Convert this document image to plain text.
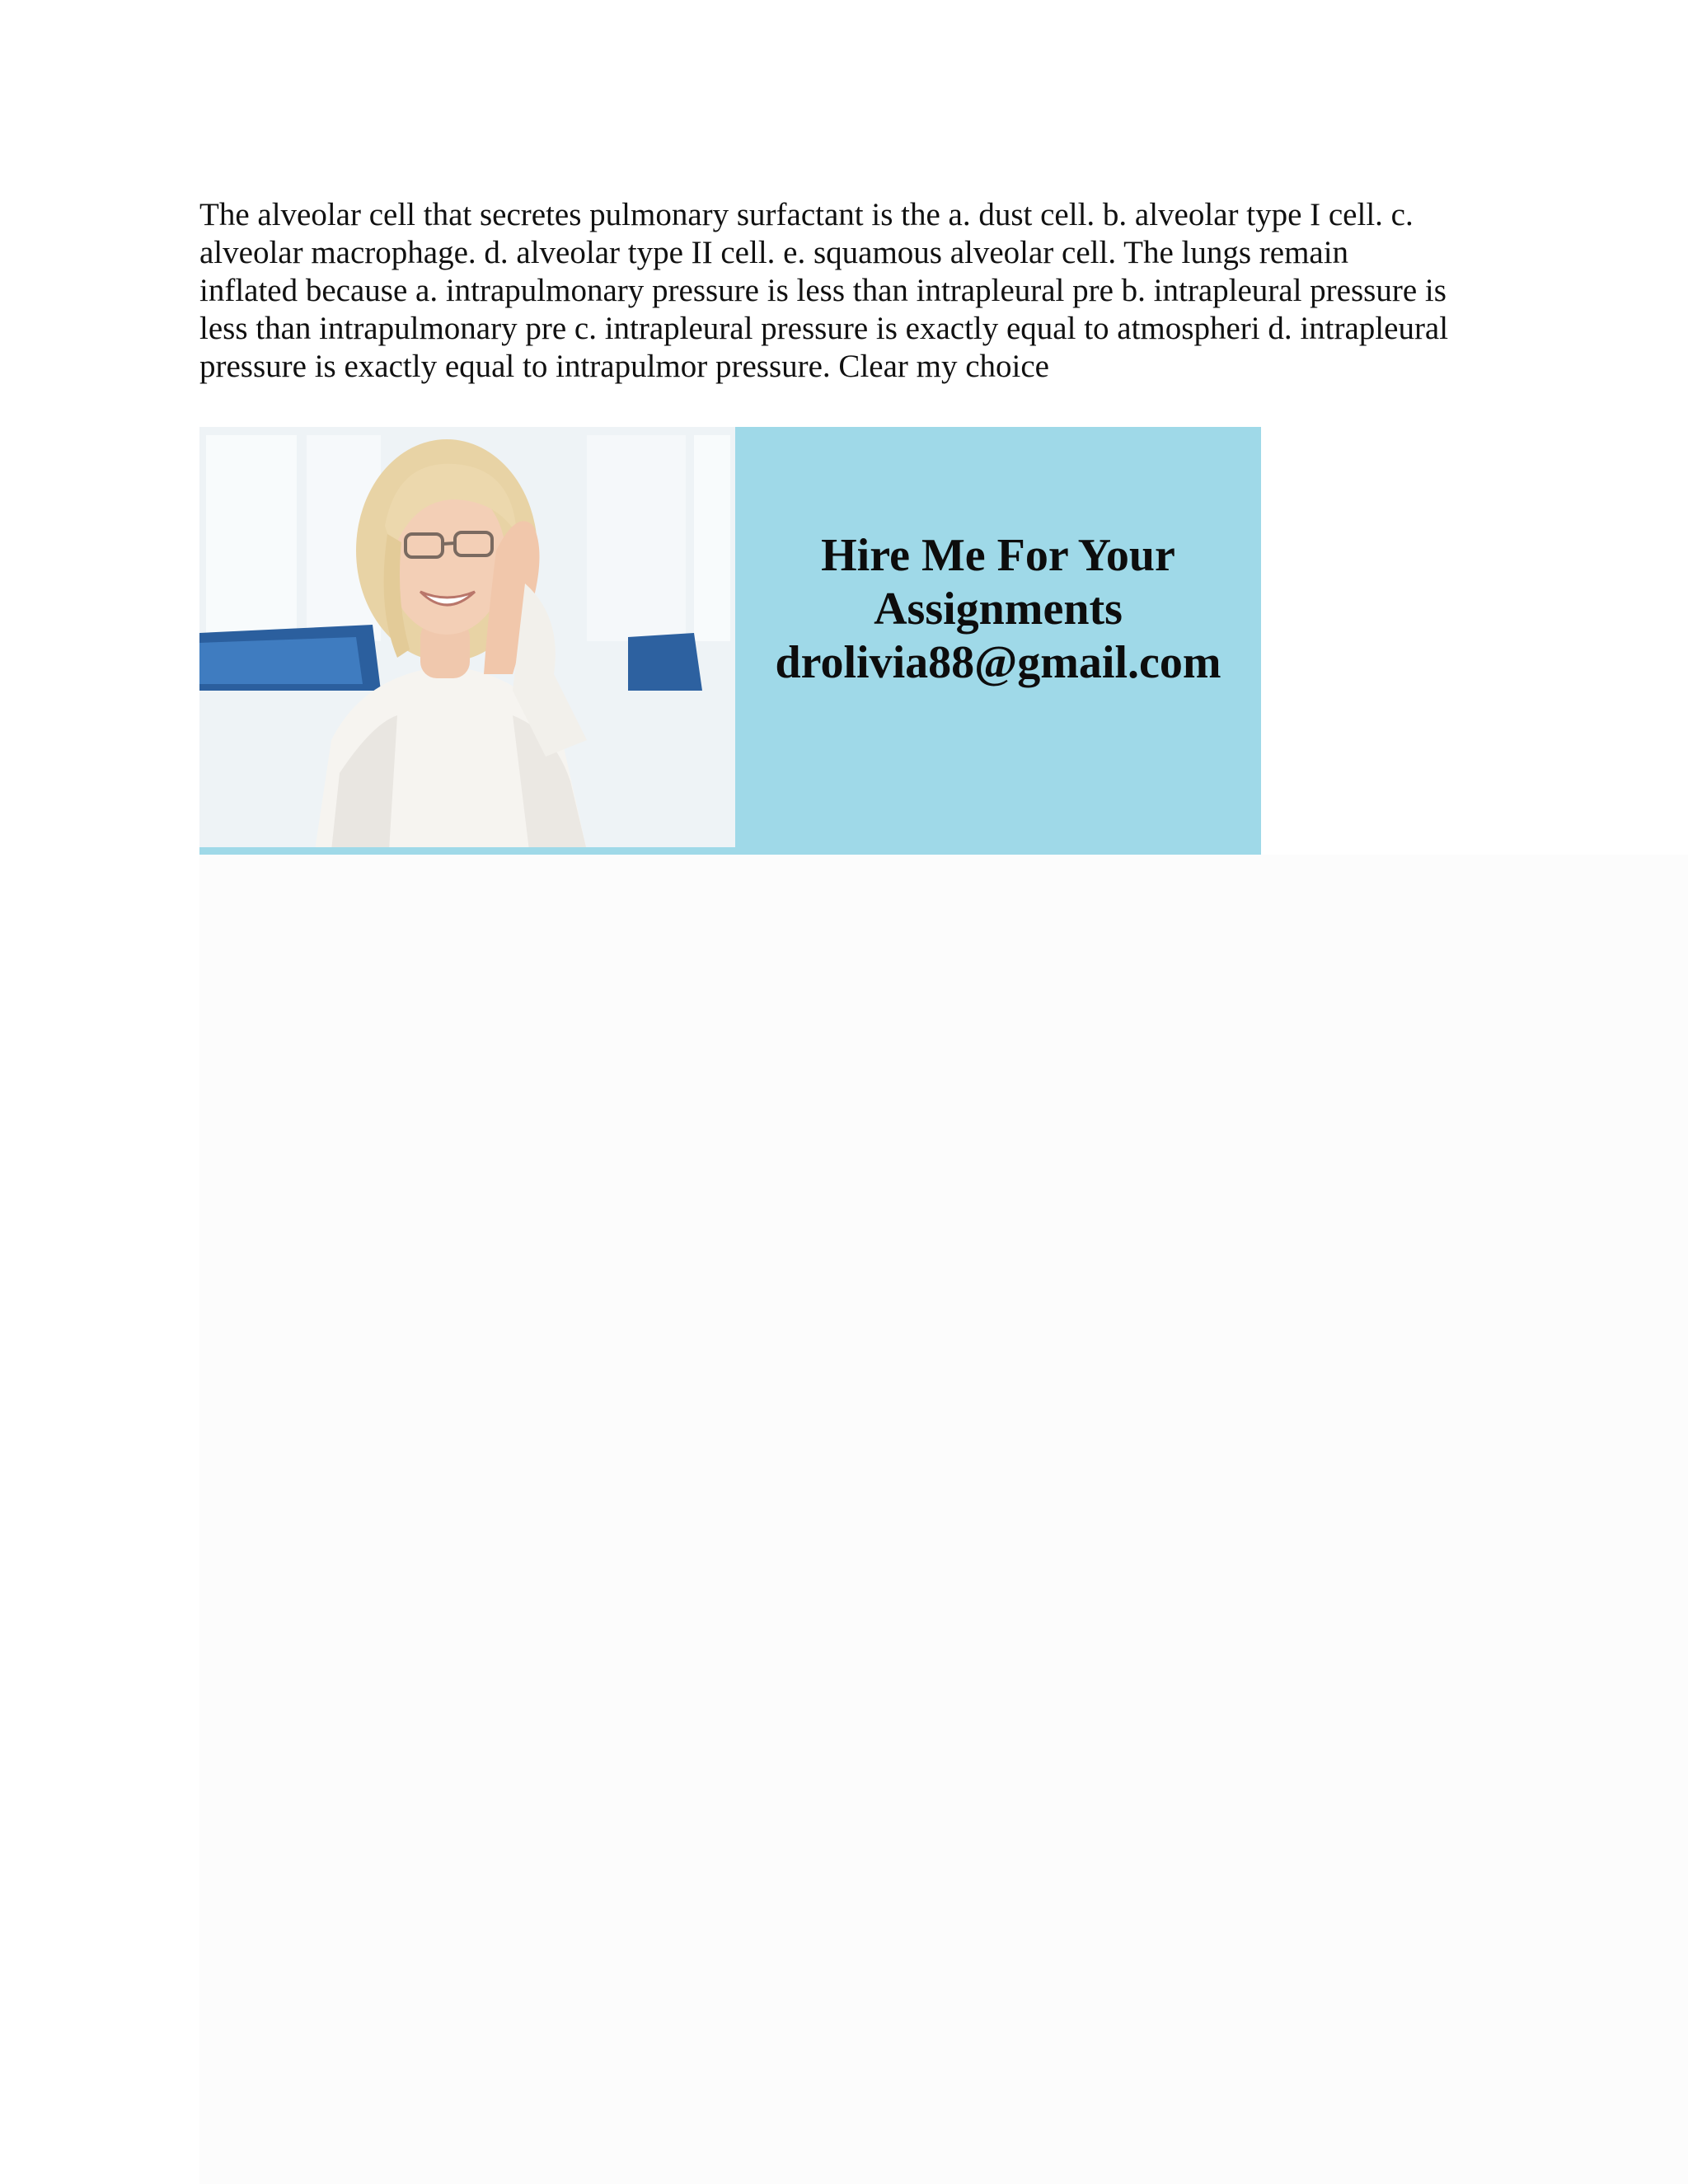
The alveolar cell that secretes pulmonary surfactant is the a. dust cell. b. alveolar type I cell. c.
alveolar macrophage. d. alveolar type II cell. e. squamous alveolar cell. The lungs remain
inflated because a. intrapulmonary pressure is less than intrapleural pre b. intrapleural pressure is
less than intrapulmonary pre c. intrapleural pressure is exactly equal to atmospheri d. intrapleural
pressure is exactly equal to intrapulmor pressure. Clear my choice

Hire Me For Your
Assignments
drolivia88@gmail.com
